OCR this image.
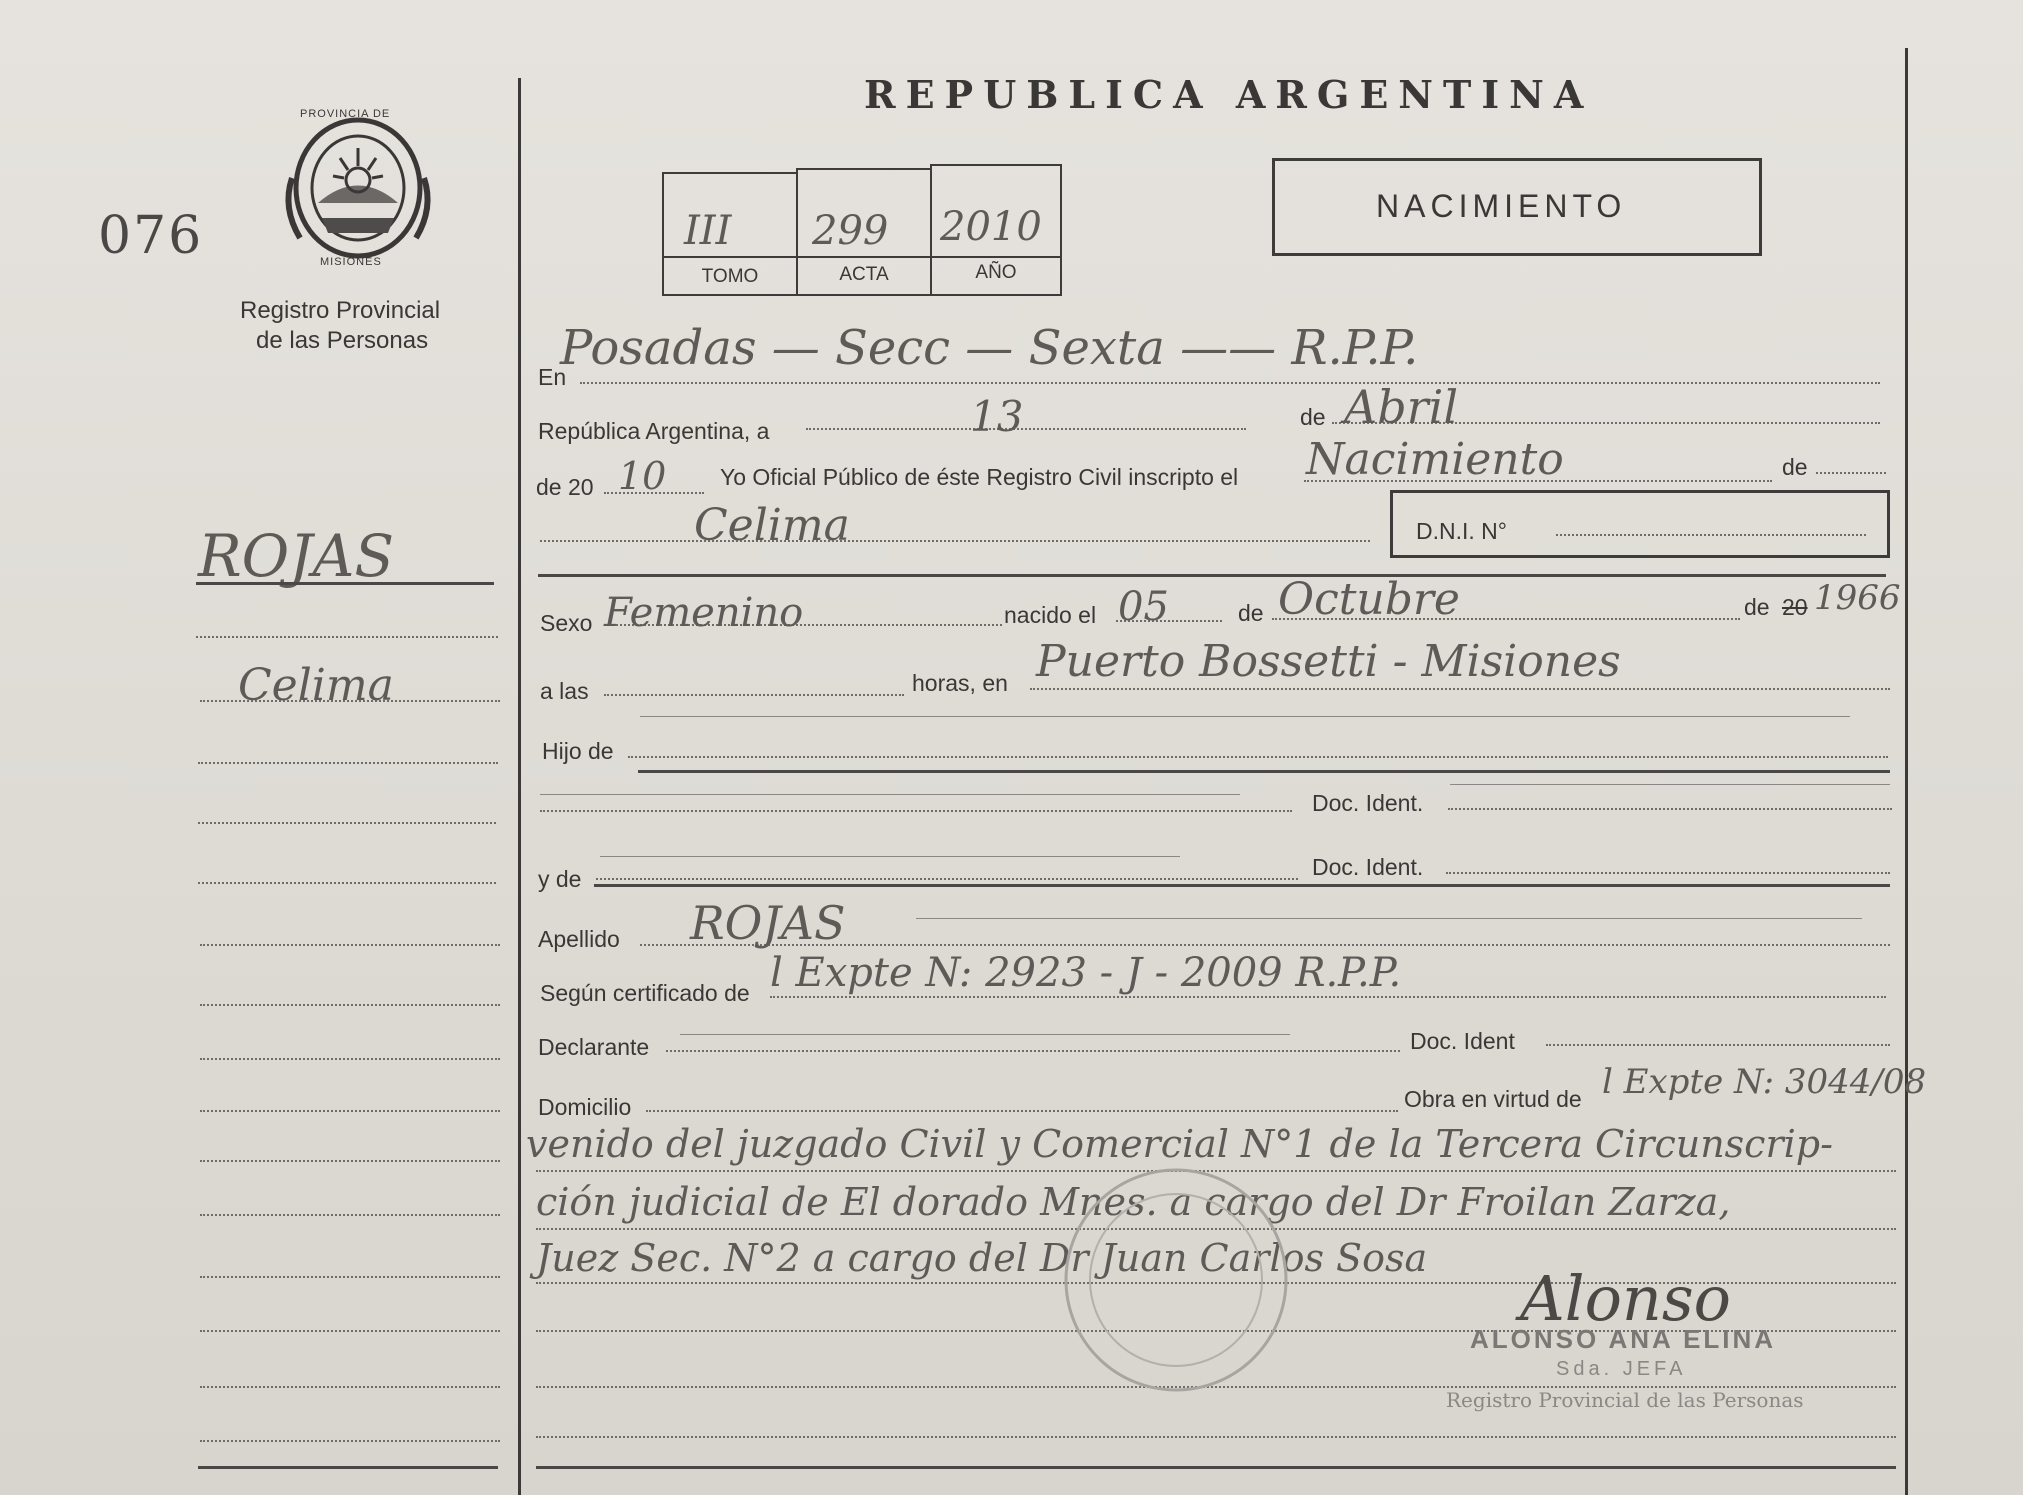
076
PROVINCIA DE
MISIONES
Registro Provincial
de las Personas
ROJAS
Celima
REPUBLICA ARGENTINA
III 299 2010
TOMO	ACTA	AÑO
NACIMIENTO
En
Posadas — Secc — Sexta —— R.P.P.
República Argentina, a	13	de Abril
de 20 10 Yo Oficial Público de éste Registro Civil inscripto el Nacimiento	de
Celima	D.N.I. N°
Sexo Femenino	nacido el 05	de Octubre	de 20 1966
a las	horas, en Puerto Bossetti - Misiones
Hijo de
Doc. Ident.
y de	Doc. Ident.
Apellido ROJAS
Según certificado de l Expte N: 2923 - J - 2009 R.P.P.
Declarante	Doc. Ident
Domicilio	Obra en virtud de l Expte N: 3044/08
venido del juzgado Civil y Comercial N°1 de la Tercera Circunscrip-
ción judicial de El dorado Mnes. a cargo del Dr Froilan Zarza,
Juez Sec. N°2 a cargo del Dr Juan Carlos Sosa
Alonso
ALONSO ANA ELINA
Sda. JEFA
Registro Provincial de las Personas
